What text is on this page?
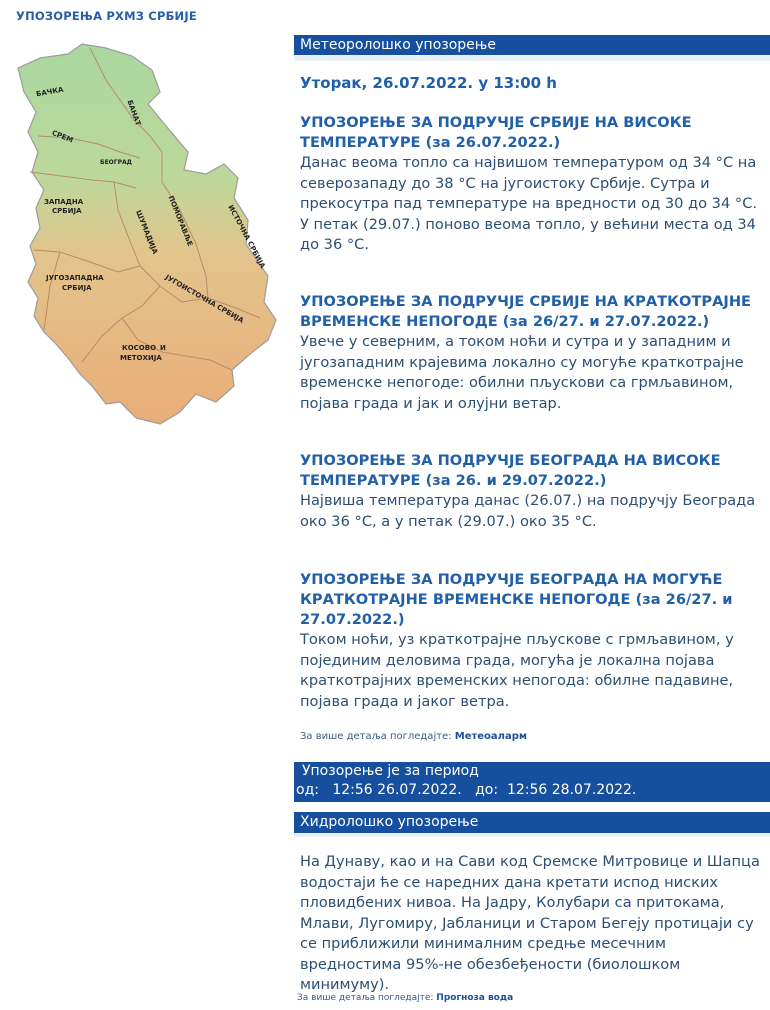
УПОЗОРЕЊА РХМЗ СРБИЈЕ
БАЧКА
БАНАТ
СРЕМ
БЕОГРАД
ЗАПАДНА
СРБИЈА	ШУМАДИЈА ПОМОРАВЉЕ	ИСТОЧНА СРБИЈА
ЈУГОЗАПАДНА
СРБИЈА	ЈУГОИСТОЧНА СРБИЈА
КОСОВО И
МЕТОХИЈА
Метеоролошко упозорење
Уторак, 26.07.2022. у 13:00 h

УПОЗОРЕЊЕ ЗА ПОДРУЧЈЕ СРБИЈЕ НА ВИСОКЕ ТЕМПЕРАТУРЕ (за 26.07.2022.)

Данас веома топло са највишом температуром од 34 °C на северозападу до 38 °C на југоистоку Србије. Сутра и прекосутра пад температуре на вредности од 30 до 34 °C.

У петак (29.07.) поново веома топло, у већини места од 34 до 36 °C.

УПОЗОРЕЊЕ ЗА ПОДРУЧЈЕ СРБИЈЕ НА КРАТКОТРАЈНЕ ВРЕМЕНСКЕ НЕПОГОДЕ (за 26/27. и 27.07.2022.)

Увече у северним, а током ноћи и сутра и у западним и југозападним крајевима локално су могуће краткотрајне временске непогоде: обилни пљускови са грмљавином, појава града и јак и олујни ветар.

УПОЗОРЕЊЕ ЗА ПОДРУЧЈЕ БЕОГРАДА НА ВИСОКЕ ТЕМПЕРАТУРЕ (за 26. и 29.07.2022.)

Највиша температура данас (26.07.) на подручју Београда око 36 °C, а у петак (29.07.) око 35 °C.

УПОЗОРЕЊЕ ЗА ПОДРУЧЈЕ БЕОГРАДА НА МОГУЋЕ КРАТКОТРАЈНЕ ВРЕМЕНСКЕ НЕПОГОДЕ (за 26/27. и 27.07.2022.)

Током ноћи, уз краткотрајне пљускове с грмљавином, у појединим деловима града, могућа је локална појава краткотрајних временских непогода: обилне падавине, појава града и јаког ветра.

За више детаља погледајте: Метеоаларм
Упозорење је за период
од: 12:56 26.07.2022. до: 12:56 28.07.2022.
Хидролошко упозорење

На Дунаву, као и на Сави код Сремске Митровице и Шапца водостаји ће се наредних дана кретати испод ниских пловидбених нивоа. На Јадру, Колубари са притокама, Млави, Лугомиру, Јабланици и Старом Бегеју протицаји су се приближили минималним средње месечним вредностима 95%-не обезбеђености (биолошком минимуму).

За више детаља погледајте: Прогноза вода
